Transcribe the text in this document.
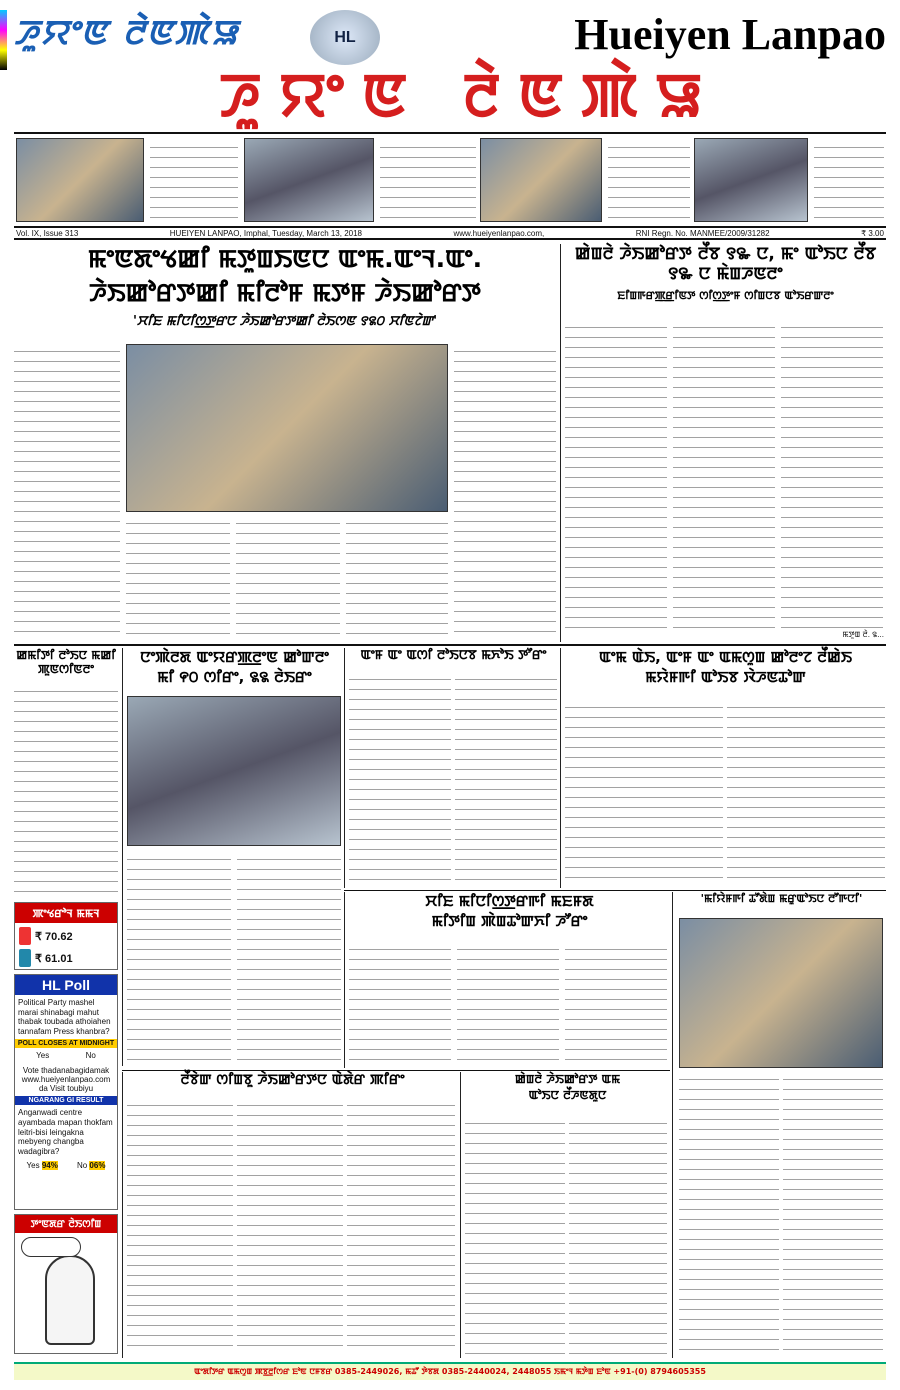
ꯍꯨꯌꯦꯟ ꯂꯥꯟꯄꯥꯎ	HL	Hueiyen Lanpao
ꯍꯨꯌꯦꯟ ꯂꯥꯟꯄꯥꯎ
Vol. IX, Issue 313	HUEIYEN LANPAO, Imphal, Tuesday, March 13, 2018	www.hueiyenlanpao.com,	RNI Regn. No. MANMEE/2009/31282	₹ 3.00
ꯃꯦꯟꯗꯦꯠꯀꯤ ꯃꯇꯨꯡꯏꯟꯅ ꯑꯦꯃ.ꯑꯦꯜ.ꯑꯦ.
ꯍꯥꯏꯀꯣꯔꯇꯀꯤ ꯃꯤꯂꯣꯝ ꯃꯇꯝ ꯍꯥꯏꯀꯣꯔꯇ
'ꯆꯤꯐ ꯃꯤꯅꯤꯁ꯭ꯇꯔꯅ ꯍꯥꯏꯀꯣꯔꯇꯀꯤ ꯂꯥꯏꯁꯟ ꯱꯲꯰ ꯆꯤꯟꯖꯥꯛ'
ꯀꯥꯡꯂꯥ ꯍꯥꯏꯀꯣꯔꯇ ꯂꯩꯕ ꯱꯳ ꯅ, ꯃꯦ ꯑꯣꯏꯅ ꯂꯩꯕ ꯱꯳ ꯅ ꯃꯥꯡꯍꯟꯂꯦ
ꯐꯤꯡꯒꯔꯄ꯭ꯔꯤꯟꯇ ꯁꯤꯁ꯭ꯇꯦꯝ ꯁꯤꯡꯅꯕ ꯑꯣꯏꯔꯛꯂꯦ
ꯃꯇꯨꯡ ꯂꯥ. ꯲...
ꯀꯃꯤꯇꯤ ꯂꯣꯏꯅ ꯃꯀꯤ ꯄꯨꯟꯁꯤꯟꯂꯦ
ꯄꯦꯠꯔꯣꯜ ꯃꯃꯜ
₹ 70.62
₹ 61.01
HL Poll
Political Party mashel marai shinabagi mahut thabak toubada athoiahen tannafam Press khanbra?
POLL CLOSES AT MIDNIGHT
Yes	No
Vote thadanabagidamak www.hueiyenlanpao.com da Visit toubiyu
NGARANG GI RESULT
Anganwadi centre ayambada mapan thokfam leitri-bisi leingakna mebyeng changba wadagibra?
Yes 94% No 06%
ꯇꯦꯟꯗꯔ ꯂꯥꯏꯁꯤꯡ
ꯅꯦꯄꯥꯂꯗ ꯑꯦꯌꯔꯄ꯭ꯂꯦꯟ ꯀꯣꯛꯂꯦ
ꯃꯤ ꯵꯰ ꯁꯤꯔꯦ, ꯲꯲ ꯂꯥꯏꯔꯦ
ꯑꯦꯝ ꯑꯦ ꯑꯁꯤ ꯂꯣꯏꯅꯕ ꯃꯈꯣꯏ ꯇꯧꯔꯦ	ꯑꯦꯃ ꯑꯥꯏ, ꯑꯦꯝ ꯑꯦ ꯑꯃꯁꯨꯡ ꯀꯣꯂꯦꯖ ꯂꯩꯀꯥꯏ
ꯃꯌꯥꯝꯒꯤ ꯑꯣꯏꯕ ꯋꯥꯍꯟꯊꯣꯛ
ꯆꯤꯐ ꯃꯤꯅꯤꯁ꯭ꯇꯔꯒꯤ ꯃꯐꯝꯗ
ꯃꯤꯇꯤꯡ ꯄꯥꯡꯊꯣꯛꯈꯤ ꯍꯧꯔꯦ
'ꯃꯤꯌꯥꯝꯒꯤ ꯊꯧꯗꯥꯡ ꯃꯔꯨꯑꯣꯏꯅ ꯂꯧꯒꯅꯤ'
ꯂꯩꯕꯥꯛ ꯁꯤꯡꯕꯨ ꯍꯥꯏꯀꯣꯔꯇꯅ ꯑꯥꯗꯥꯔ ꯄꯤꯔꯦ	ꯀꯥꯡꯂꯥ ꯍꯥꯏꯀꯣꯔꯇ ꯑꯃ
ꯑꯣꯏꯅ ꯂꯩꯍꯟꯗꯨꯅ
ꯑꯦꯗꯤꯇꯔ ꯑꯃꯁꯨꯡ ꯄꯕ꯭ꯂꯤꯁꯔ ꯐꯣꯟ ꯅꯝꯕꯔ 0385-2449026, ꯃꯊꯧ ꯇꯥꯕꯗ 0385-2440024, 2448055 ꯏꯃꯦꯜ ꯃꯇꯥꯡ ꯐꯣꯟ +91-(0) 8794605355
